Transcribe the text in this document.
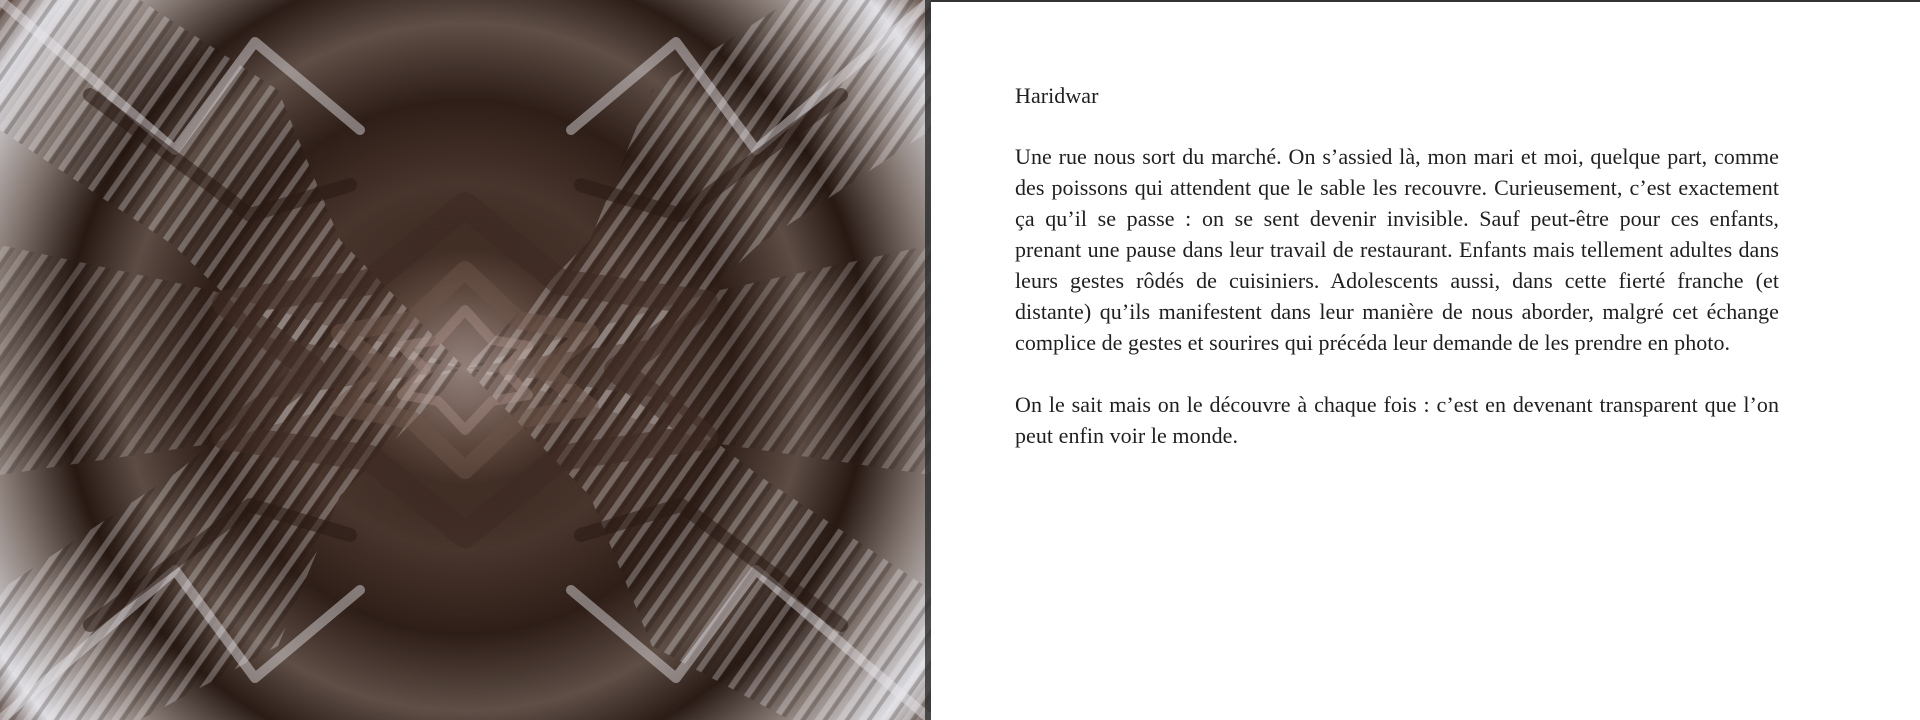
Haridwar

Une rue nous sort du marché. On s’assied là, mon mari et moi, quelque part, comme des poissons qui attendent que le sable les recouvre. Curieusement, c’est exactement ça qu’il se passe : on se sent devenir invisible. Sauf peut-être pour ces enfants, prenant une pause dans leur travail de restaurant. Enfants mais tellement adultes dans leurs gestes rôdés de cuisiniers. Adolescents aussi, dans cette fierté franche (et distante) qu’ils manifestent dans leur manière de nous aborder, malgré cet échange complice de gestes et sourires qui précéda leur demande de les prendre en photo.

On le sait mais on le découvre à chaque fois : c’est en devenant transparent que l’on peut enfin voir le monde.
